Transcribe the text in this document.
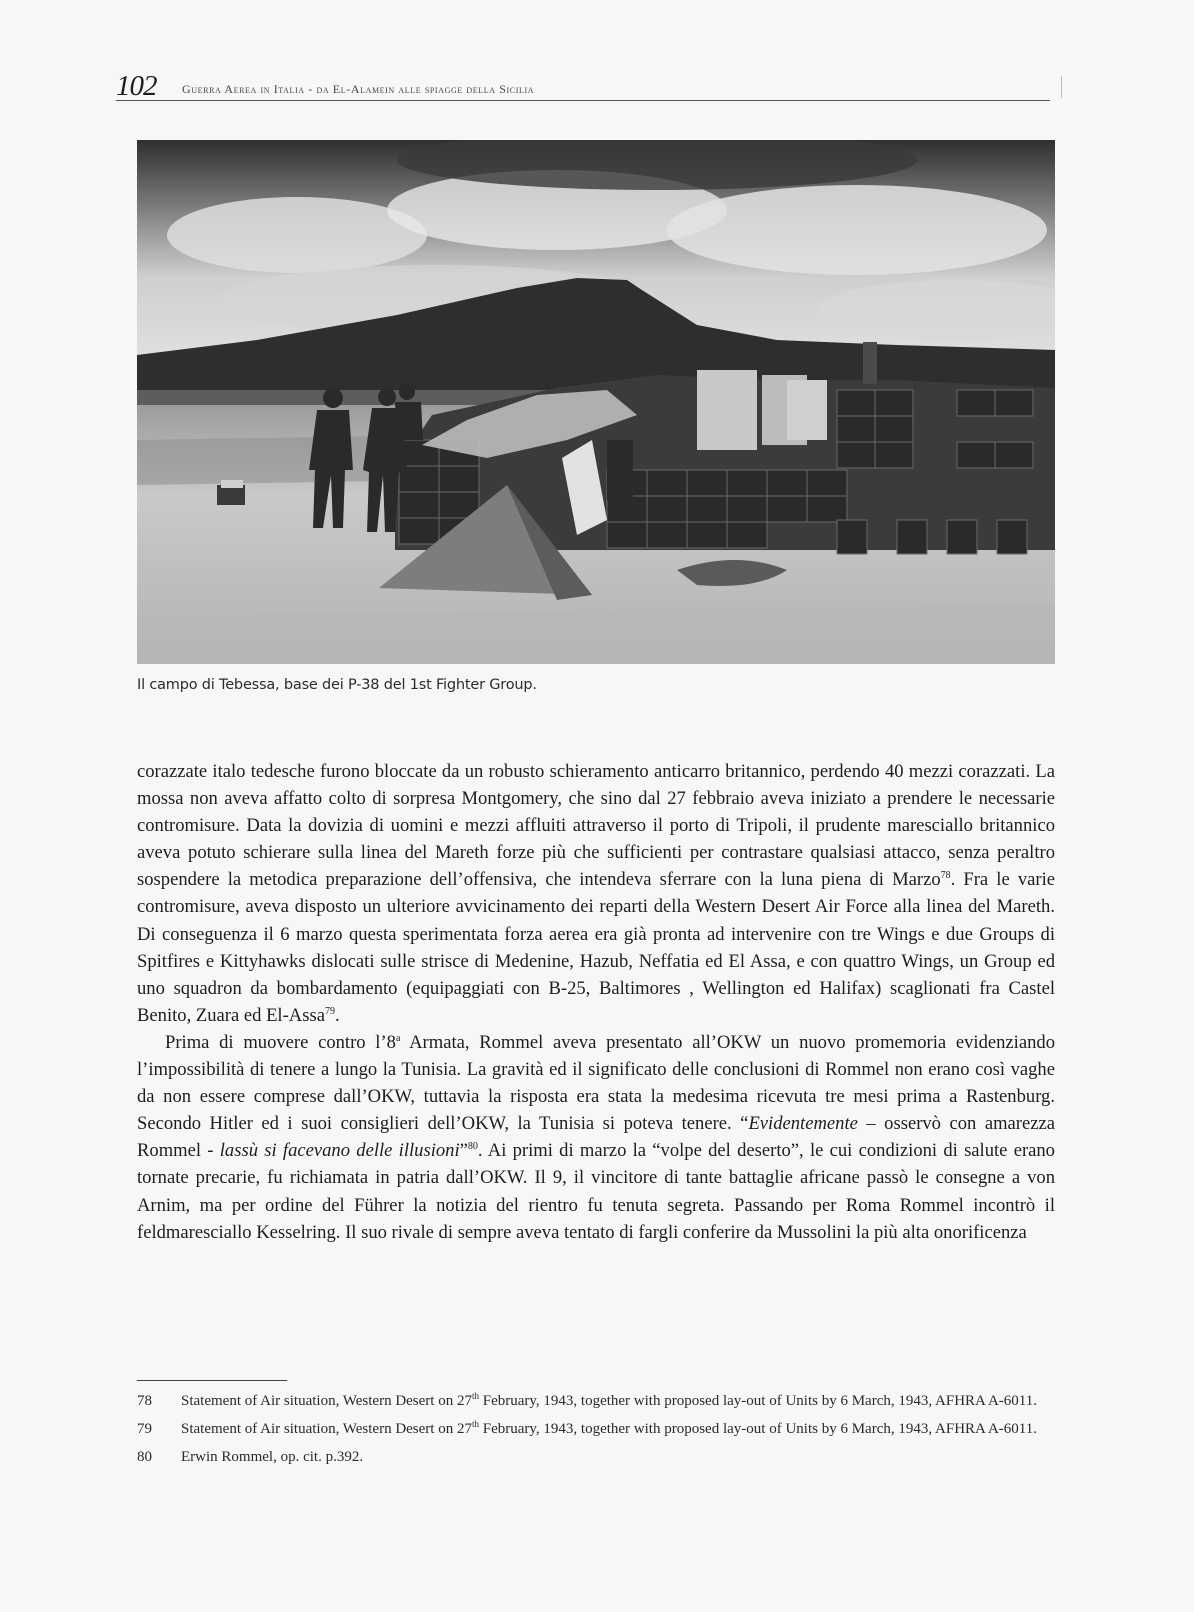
102 Guerra Aerea in Italia - da El-Alamein alle spiagge della Sicilia
Il campo di Tebessa, base dei P-38 del 1st Fighter Group.

corazzate italo tedesche furono bloccate da un robusto schieramento anticarro britannico, perdendo 40 mezzi corazzati. La mossa non aveva affatto colto di sorpresa Montgomery, che sino dal 27 febbraio aveva iniziato a prendere le necessarie contromisure. Data la dovizia di uomini e mezzi affluiti attraverso il porto di Tripoli, il prudente maresciallo britannico aveva potuto schierare sulla linea del Mareth forze più che sufficienti per contrastare qualsiasi attacco, senza peraltro sospendere la metodica preparazione dell’offensiva, che intendeva sferrare con la luna piena di Marzo$^{78}$. Fra le varie contromisure, aveva disposto un ulteriore avvicinamento dei reparti della Western Desert Air Force alla linea del Mareth. Di conseguenza il 6 marzo questa sperimentata forza aerea era già pronta ad intervenire con tre Wings e due Groups di Spitfires e Kittyhawks dislocati sulle strisce di Medenine, Hazub, Neffatia ed El Assa, e con quattro Wings, un Group ed uno squadron da bombardamento (equipaggiati con B-25, Baltimores , Wellington ed Halifax) scaglionati fra Castel Benito, Zuara ed El-Assa$^{79}$.

Prima di muovere contro l’8$^a$ Armata, Rommel aveva presentato all’OKW un nuovo promemoria evidenziando l’impossibilità di tenere a lungo la Tunisia. La gravità ed il significato delle conclusioni di Rommel non erano così vaghe da non essere comprese dall’OKW, tuttavia la risposta era stata la medesima ricevuta tre mesi prima a Rastenburg. Secondo Hitler ed i suoi consiglieri dell’OKW, la Tunisia si poteva tenere. “Evidentemente – osservò con amarezza Rommel - lassù si facevano delle illusioni”$^{80}$. Ai primi di marzo la “volpe del deserto”, le cui condizioni di salute erano tornate precarie, fu richiamata in patria dall’OKW. Il 9, il vincitore di tante battaglie africane passò le consegne a von Arnim, ma per ordine del Führer la notizia del rientro fu tenuta segreta. Passando per Roma Rommel incontrò il feldmaresciallo Kesselring. Il suo rivale di sempre aveva tentato di fargli conferire da Mussolini la più alta onorificenza

78	Statement of Air situation, Western Desert on 27th February, 1943, together with proposed lay-out of Units by 6 March, 1943, AFHRA A-6011.
79	Statement of Air situation, Western Desert on 27th February, 1943, together with proposed lay-out of Units by 6 March, 1943, AFHRA A-6011.
80	Erwin Rommel, op. cit. p.392.
